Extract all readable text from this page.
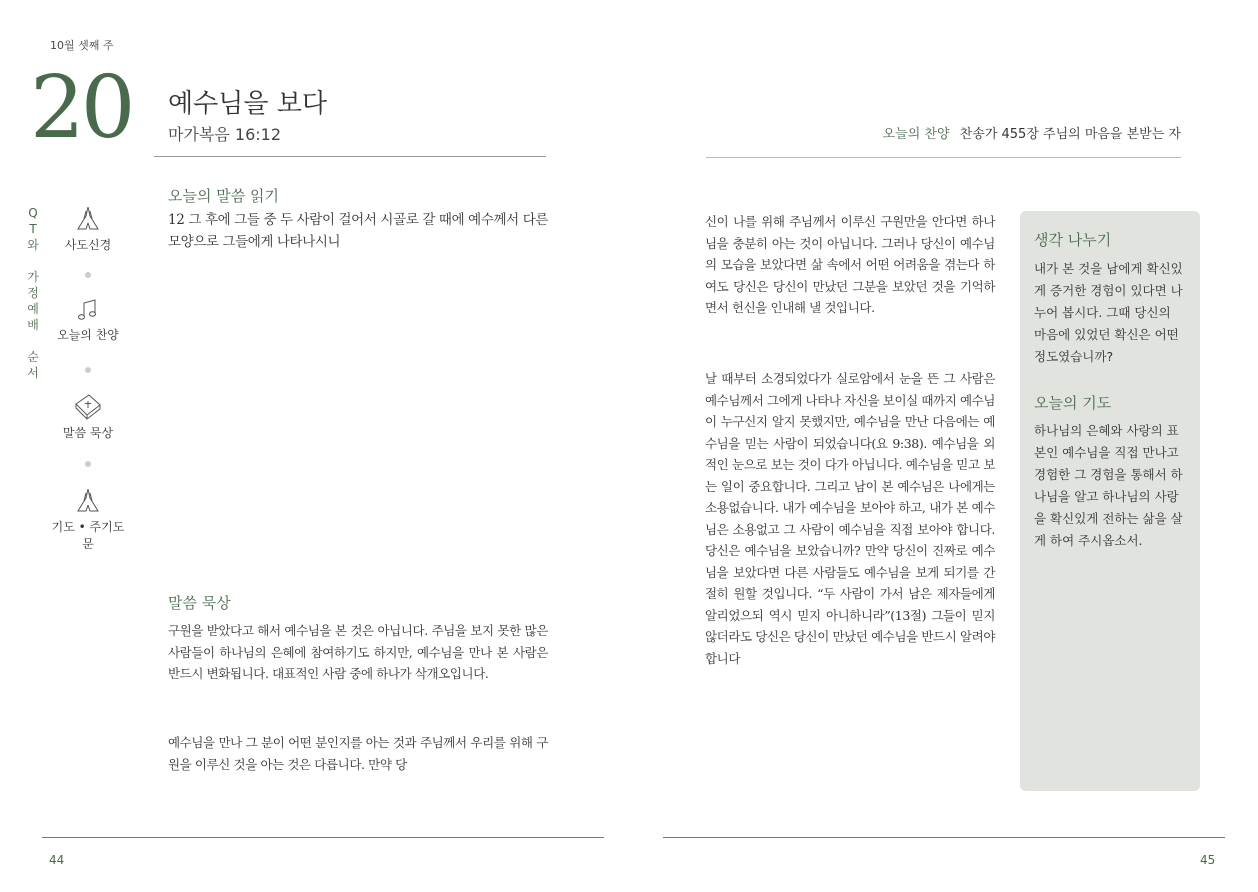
10월 셋째 주
20 예수님을 보다
마가복음 16:12	오늘의 찬양 찬송가 455장 주님의 마음을 본받는 자
Q
T
와
가
정
예
배
순
서
사도신경
오늘의 찬양
말씀 묵상
기도 • 주기도문
오늘의 말씀 읽기

12 그 후에 그들 중 두 사람이 걸어서 시골로 갈 때에 예수께서 다른 모양으로 그들에게 나타나시니

말씀 묵상

구원을 받았다고 해서 예수님을 본 것은 아닙니다. 주님을 보지 못한 많은 사람들이 하나님의 은혜에 참여하기도 하지만, 예수님을 만나 본 사람은 반드시 변화됩니다. 대표적인 사람 중에 하나가 삭개오입니다.

예수님을 만나 그 분이 어떤 분인지를 아는 것과 주님께서 우리를 위해 구원을 이루신 것을 아는 것은 다릅니다. 만약 당

신이 나를 위해 주님께서 이루신 구원만을 안다면 하나님을 충분히 아는 것이 아닙니다. 그러나 당신이 예수님의 모습을 보았다면 삶 속에서 어떤 어려움을 겪는다 하여도 당신은 당신이 만났던 그분을 보았던 것을 기억하면서 헌신을 인내해 낼 것입니다.

날 때부터 소경되었다가 실로암에서 눈을 뜬 그 사람은 예수님께서 그에게 나타나 자신을 보이실 때까지 예수님이 누구신지 알지 못했지만, 예수님을 만난 다음에는 예수님을 믿는 사람이 되었습니다(요 9:38). 예수님을 외적인 눈으로 보는 것이 다가 아닙니다. 예수님을 믿고 보는 일이 중요합니다. 그리고 남이 본 예수님은 나에게는 소용없습니다. 내가 예수님을 보아야 하고, 내가 본 예수님은 소용없고 그 사람이 예수님을 직접 보아야 합니다. 당신은 예수님을 보았습니까? 만약 당신이 진짜로 예수님을 보았다면 다른 사람들도 예수님을 보게 되기를 간절히 원할 것입니다. “두 사람이 가서 남은 제자들에게 알리었으되 역시 믿지 아니하니라”(13절) 그들이 믿지 않더라도 당신은 당신이 만났던 예수님을 반드시 알려야 합니다

생각 나누기

내가 본 것을 남에게 확신있게 증거한 경험이 있다면 나누어 봅시다. 그때 당신의 마음에 있었던 확신은 어떤 정도였습니까?

오늘의 기도

하나님의 은혜와 사랑의 표본인 예수님을 직접 만나고 경험한 그 경험을 통해서 하나님을 알고 하나님의 사랑을 확신있게 전하는 삶을 살게 하여 주시옵소서.

44	45
